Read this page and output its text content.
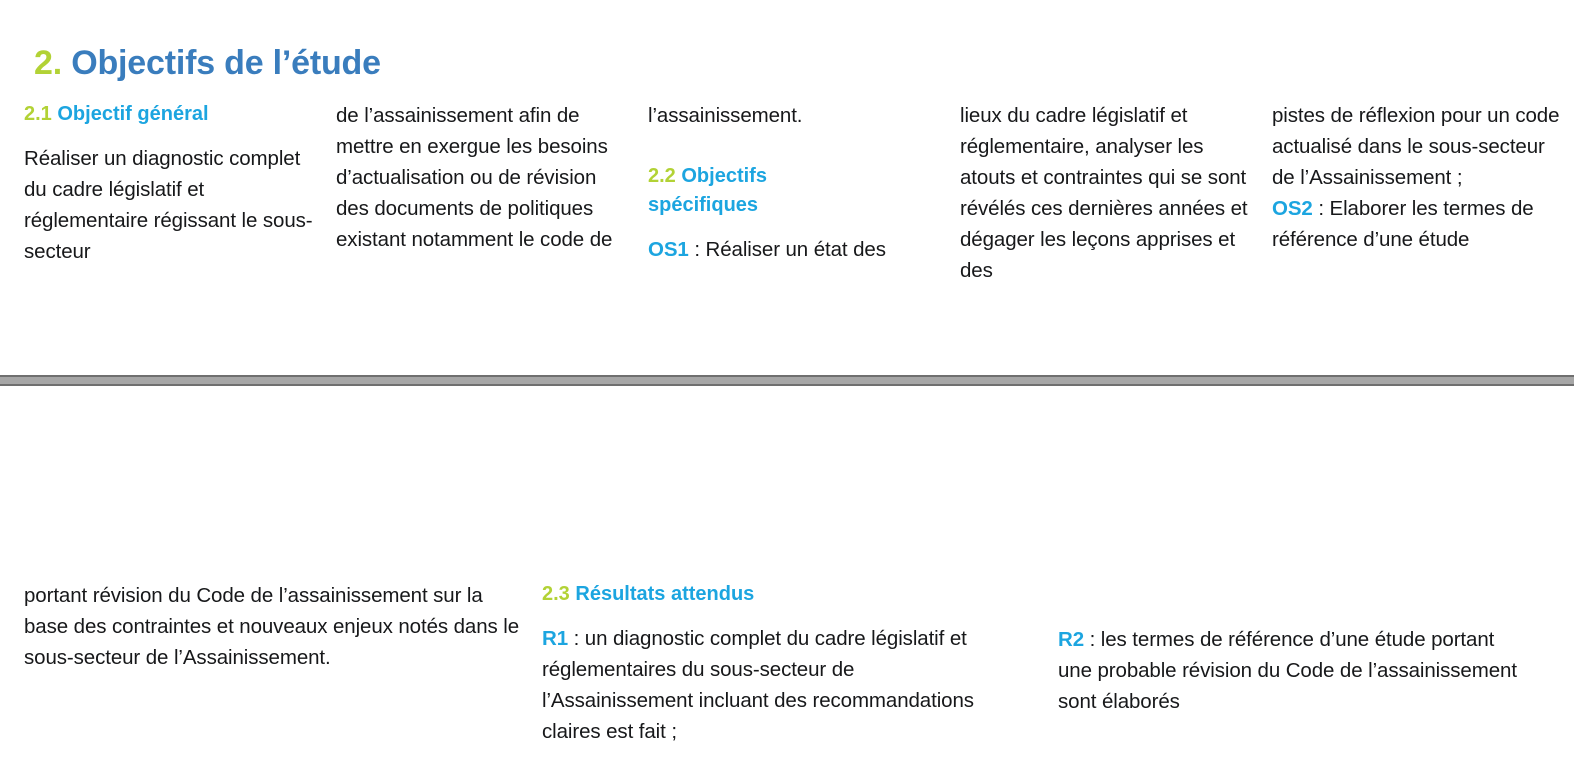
2. Objectifs de l’étude
2.1 Objectif général

Réaliser un diagnostic complet du cadre législatif et réglementaire régissant le sous-secteur

de l’assainissement afin de mettre en exergue les besoins d’actualisation ou de révision des documents de politiques existant notamment le code de

l’assainissement.

2.2 Objectifs
spécifiques

OS1 : Réaliser un état des

lieux du cadre législatif et réglementaire, analyser les atouts et contraintes qui se sont révélés ces dernières années et dégager les leçons apprises et des

pistes de réflexion pour un code actualisé dans le sous-secteur de l’Assainissement ;

OS2 : Elaborer les termes de référence d’une étude

portant révision du Code de l’assainissement sur la base des contraintes et nouveaux enjeux notés dans le sous-secteur de l’Assainissement.

2.3 Résultats attendus

R1 : un diagnostic complet du cadre législatif et réglementaires du sous-secteur de l’Assainissement incluant des recommandations claires est fait ;

R2 : les termes de référence d’une étude portant une probable révision du Code de l’assainissement sont élaborés
